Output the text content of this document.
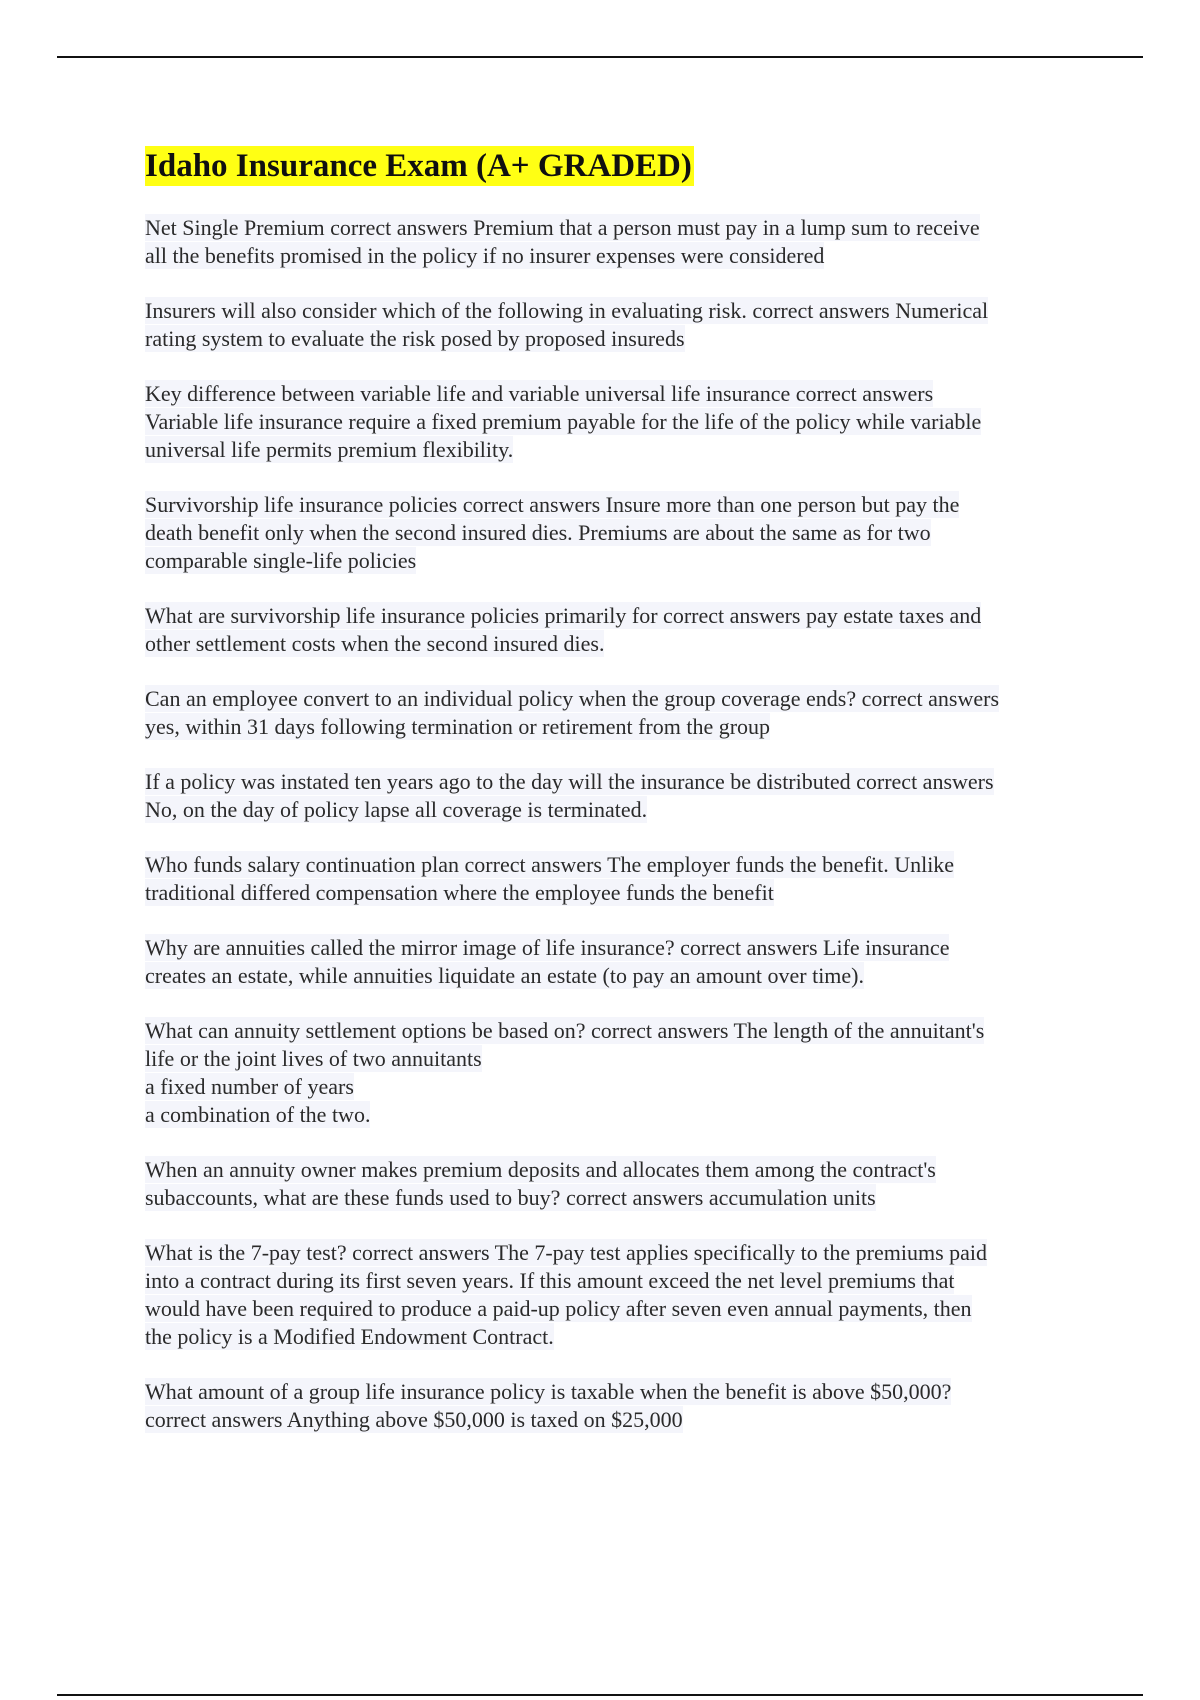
Idaho Insurance Exam (A+ GRADED)
Net Single Premium correct answers Premium that a person must pay in a lump sum to receive
all the benefits promised in the policy if no insurer expenses were considered
Insurers will also consider which of the following in evaluating risk. correct answers Numerical
rating system to evaluate the risk posed by proposed insureds
Key difference between variable life and variable universal life insurance correct answers
Variable life insurance require a fixed premium payable for the life of the policy while variable
universal life permits premium flexibility.
Survivorship life insurance policies correct answers Insure more than one person but pay the
death benefit only when the second insured dies. Premiums are about the same as for two
comparable single-life policies
What are survivorship life insurance policies primarily for correct answers pay estate taxes and
other settlement costs when the second insured dies.
Can an employee convert to an individual policy when the group coverage ends? correct answers
yes, within 31 days following termination or retirement from the group
If a policy was instated ten years ago to the day will the insurance be distributed correct answers
No, on the day of policy lapse all coverage is terminated.
Who funds salary continuation plan correct answers The employer funds the benefit. Unlike
traditional differed compensation where the employee funds the benefit
Why are annuities called the mirror image of life insurance? correct answers Life insurance
creates an estate, while annuities liquidate an estate (to pay an amount over time).
What can annuity settlement options be based on? correct answers The length of the annuitant's
life or the joint lives of two annuitants
a fixed number of years
a combination of the two.
When an annuity owner makes premium deposits and allocates them among the contract's
subaccounts, what are these funds used to buy? correct answers accumulation units
What is the 7-pay test? correct answers The 7-pay test applies specifically to the premiums paid
into a contract during its first seven years. If this amount exceed the net level premiums that
would have been required to produce a paid-up policy after seven even annual payments, then
the policy is a Modified Endowment Contract.
What amount of a group life insurance policy is taxable when the benefit is above $50,000?
correct answers Anything above $50,000 is taxed on $25,000
